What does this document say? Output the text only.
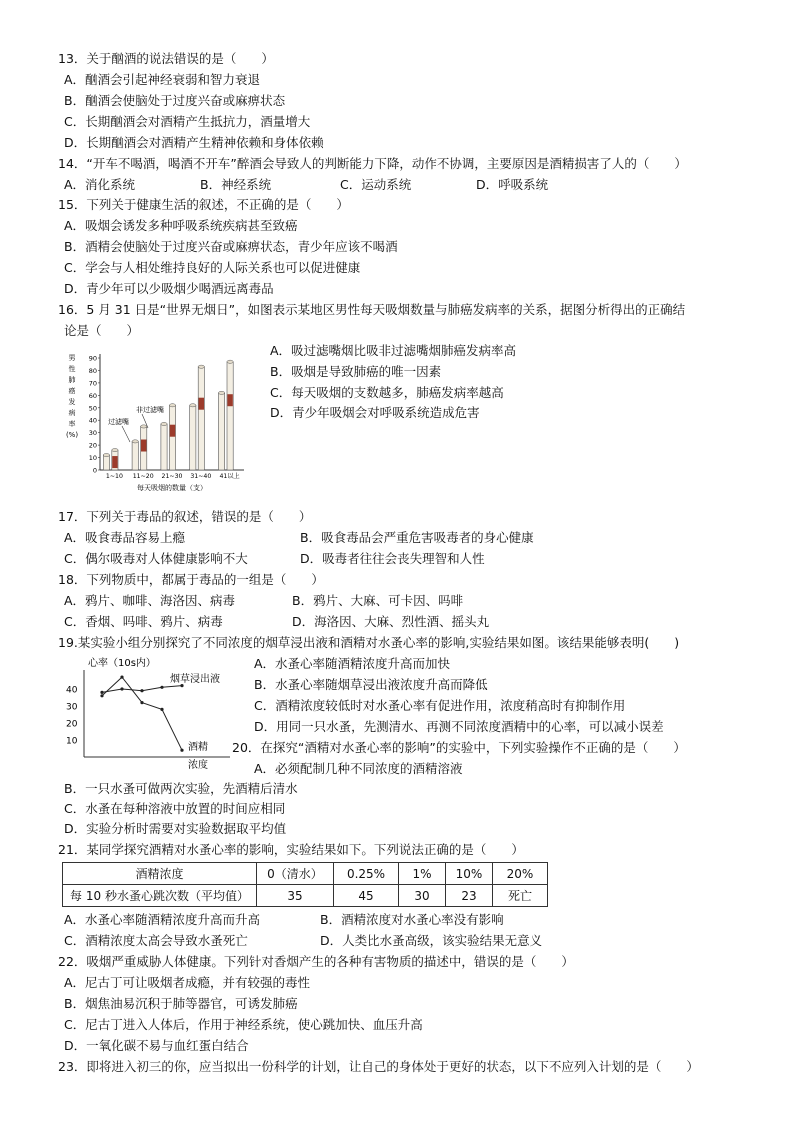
13．关于酗酒的说法错误的是（　　）
A．酗酒会引起神经衰弱和智力衰退
B．酗酒会使脑处于过度兴奋或麻痹状态
C．长期酗酒会对酒精产生抵抗力，酒量增大
D．长期酗酒会对酒精产生精神依赖和身体依赖
14．“开车不喝酒，喝酒不开车”醉酒会导致人的判断能力下降，动作不协调，主要原因是酒精损害了人的（　　）
A．消化系统	B．神经系统	C．运动系统	D．呼吸系统
15．下列关于健康生活的叙述，不正确的是（　　）
A．吸烟会诱发多种呼吸系统疾病甚至致癌
B．酒精会使脑处于过度兴奋或麻痹状态，青少年应该不喝酒
C．学会与人相处维持良好的人际关系也可以促进健康
D．青少年可以少吸烟少喝酒远离毒品
16．5 月 31 日是“世界无烟日”，如图表示某地区男性每天吸烟数量与肺癌发病率的关系，据图分析得出的正确结
论是（　　）
男
性
肺
癌
发
病
率
(%)
90
80
70
60
50
40
30
20
10
0
1~10 11~20 21~30 31~40 41以上
非过滤嘴
过滤嘴
每天吸烟的数量（支）
A．吸过滤嘴烟比吸非过滤嘴烟肺癌发病率高
B．吸烟是导致肺癌的唯一因素
C．每天吸烟的支数越多，肺癌发病率越高
D．青少年吸烟会对呼吸系统造成危害
17．下列关于毒品的叙述，错误的是（　　）
A．吸食毒品容易上瘾	B．吸食毒品会严重危害吸毒者的身心健康
C．偶尔吸毒对人体健康影响不大	D．吸毒者往往会丧失理智和人性
18．下列物质中，都属于毒品的一组是（　　）
A．鸦片、咖啡、海洛因、病毒	B．鸦片、大麻、可卡因、吗啡
C．香烟、吗啡、鸦片、病毒	D．海洛因、大麻、烈性酒、摇头丸
19.某实验小组分别探究了不同浓度的烟草浸出液和酒精对水蚤心率的影响,实验结果如图。该结果能够表明(　　)
心率（10s内）
40
30
20
10
烟草浸出液
酒精
浓度
A．水蚤心率随酒精浓度升高而加快
B．水蚤心率随烟草浸出液浓度升高而降低
C．酒精浓度较低时对水蚤心率有促进作用，浓度稍高时有抑制作用
D．用同一只水蚤，先测清水、再测不同浓度酒精中的心率，可以减小误差
20．在探究“酒精对水蚤心率的影响”的实验中，下列实验操作不正确的是（　　）
A．必须配制几种不同浓度的酒精溶液
B．一只水蚤可做两次实验，先酒精后清水
C．水蚤在每种溶液中放置的时间应相同
D．实验分析时需要对实验数据取平均值
21．某同学探究酒精对水蚤心率的影响，实验结果如下。下列说法正确的是（　　）
酒精浓度	0（清水）	0.25%	1%	10%	20%
每 10 秒水蚤心跳次数（平均值）	35	45	30	23	死亡
A．水蚤心率随酒精浓度升高而升高	B．酒精浓度对水蚤心率没有影响
C．酒精浓度太高会导致水蚤死亡	D．人类比水蚤高级，该实验结果无意义
22．吸烟严重威胁人体健康。下列针对香烟产生的各种有害物质的描述中，错误的是（　　）
A．尼古丁可让吸烟者成瘾，并有较强的毒性
B．烟焦油易沉积于肺等器官，可诱发肺癌
C．尼古丁进入人体后，作用于神经系统，使心跳加快、血压升高
D．一氧化碳不易与血红蛋白结合
23．即将进入初三的你，应当拟出一份科学的计划，让自己的身体处于更好的状态，以下不应列入计划的是（　　）
